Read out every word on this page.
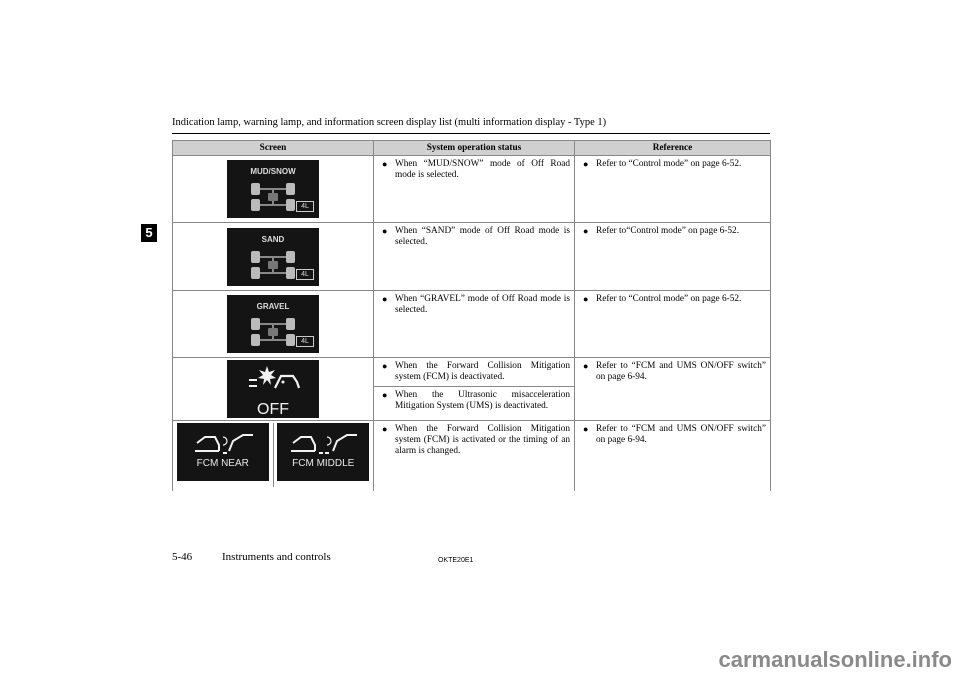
Indication lamp, warning lamp, and information screen display list (multi information display - Type 1)
5
Screen	System operation status	Reference

MUD/SNOW
4L	● When “MUD/SNOW” mode of Off Road mode is selected.	● Refer to “Control mode” on page 6-52.

SAND
4L	● When “SAND” mode of Off Road mode is selected.	● Refer to“Control mode” on page 6-52.

GRAVEL
4L	● When “GRAVEL” mode of Off Road mode is selected.	● Refer to “Control mode” on page 6-52.

OFF	● When the Forward Collision Mitigation system (FCM) is deactivated.	● Refer to “FCM and UMS ON/OFF switch” on page 6-94.

	● When the Ultrasonic misacceleration Mitigation System (UMS) is deactivated.

FCM NEAR FCM MIDDLE	● When the Forward Collision Mitigation system (FCM) is activated or the timing of an alarm is changed.	● Refer to “FCM and UMS ON/OFF switch” on page 6-94.
5-46	Instruments and controls	OKTE20E1
carmanualsonline.info
